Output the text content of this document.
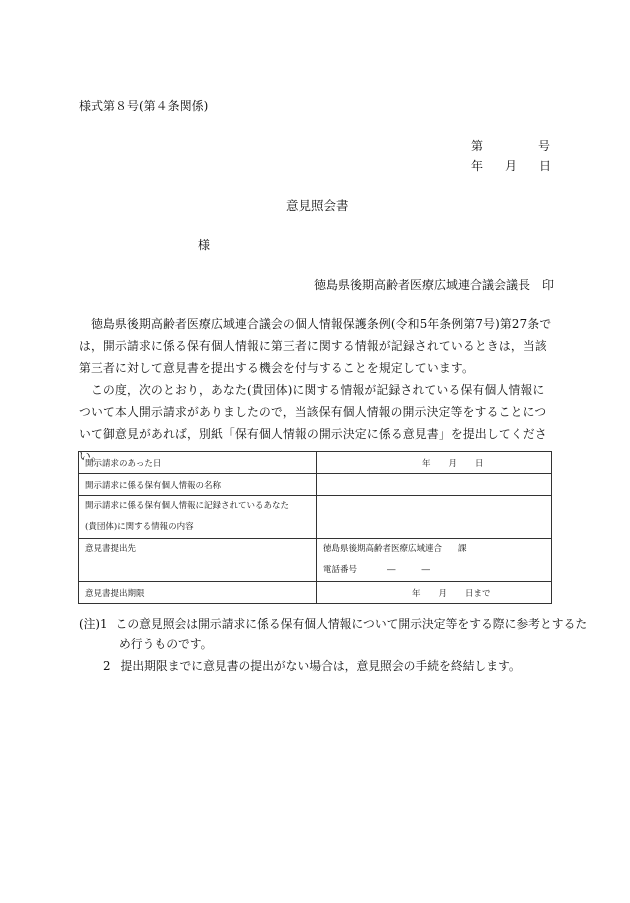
様式第８号(第４条関係)
第	号
年 月 日
意見照会書
様
徳島県後期高齢者医療広域連合議会議長　印
徳島県後期高齢者医療広域連合議会の個人情報保護条例(令和5年条例第7号)第27条では，開示請求に係る保有個人情報に第三者に関する情報が記録されているときは，当該第三者に対して意見書を提出する機会を付与することを規定しています。
この度，次のとおり，あなた(貴団体)に関する情報が記録されている保有個人情報について本人開示請求がありましたので，当該保有個人情報の開示決定等をすることについて御意見があれば，別紙「保有個人情報の開示決定に係る意見書」を提出してください。
開示請求のあった日	年 月 日
開示請求に係る保有個人情報の名称	

開示請求に係る保有個人情報に記録されているあなた
(貴団体)に関する情報の内容	

意見書提出先	徳島県後期高齢者医療広域連合 課
電話番号 ― ―

意見書提出期限	年 月 日まで
(注)1 この意見照会は開示請求に係る保有個人情報について開示決定等をする際に参考とするため行うものです。
2 提出期限までに意見書の提出がない場合は，意見照会の手続を終結します。
